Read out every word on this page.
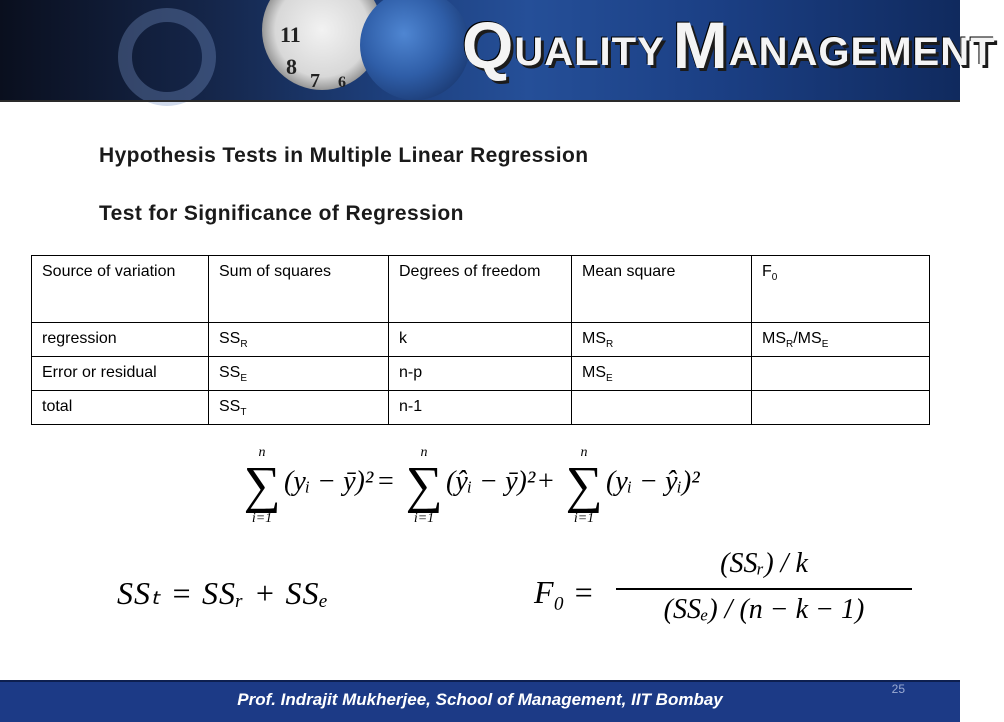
11
8
7 6
Q UALITY M ANAGEMENT
Hypothesis Tests in Multiple Linear Regression
Test for Significance of Regression
Source of variation	Sum of squares	Degrees of freedom	Mean square	$F_0$
regression	$SS_R$	k	$MS_R$	$MS_R/MS_E$
Error or residual	$SS_E$	n-p	$MS_E$	
total	$SS_T$	n-1		
n
∑
i=1
(yᵢ − ȳ)² =
n
∑
i=1
(ŷᵢ − ȳ)² +
n
∑
i=1
(yᵢ − ŷᵢ)²
SSₜ = SSᵣ + SSₑ	F₀ =
(SSᵣ) / k
(SSₑ) / (n − k − 1)
Prof. Indrajit Mukherjee, School of Management, IIT Bombay
25
